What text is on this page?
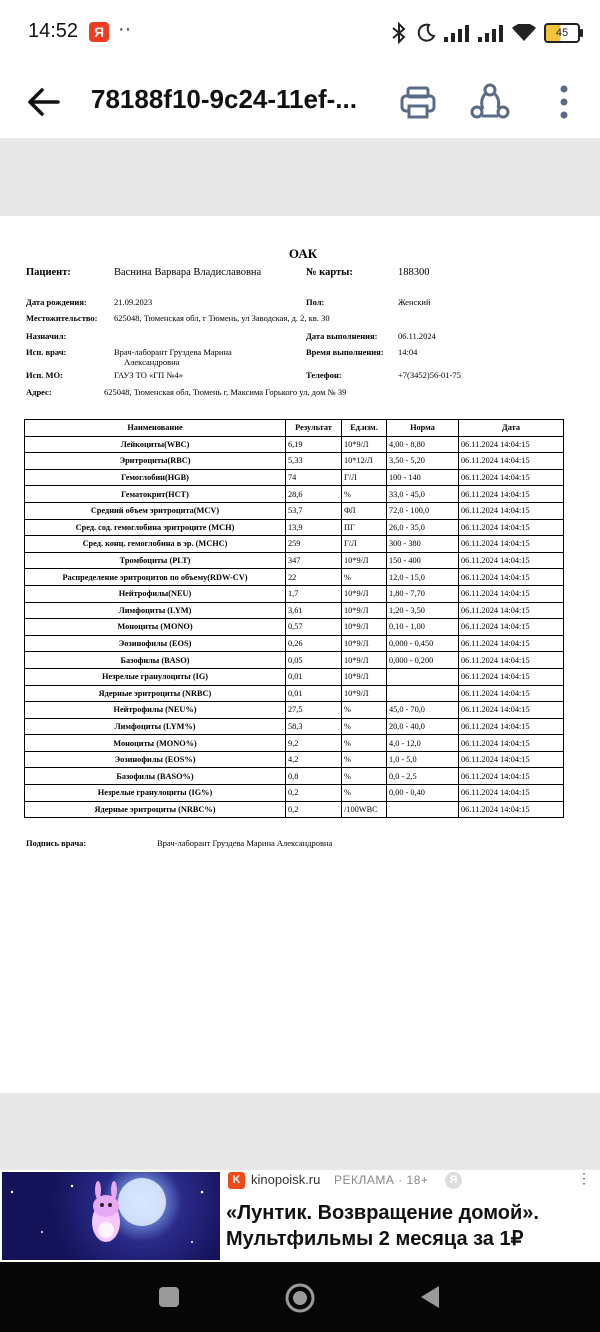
14:52	Я ··	45
78188f10-9c24-11ef-...
ОАК
Пациент:	Васнина Варвара Владиславовна	№ карты:	188300
Дата рождения:	21.09.2023	Пол:	Женский
Местожительство: 625048, Тюменская обл, г Тюмень, ул Заводская, д. 2, кв. 30
Назначил:	Дата выполнения: 06.11.2024
Исп. врач:	Врач-лаборант Груздева Марина
Александровна
Время выполнения: 14:04
Исп. МО:	ГАУЗ ТО «ГП №4»	Телефон:	+7(3452)56-01-75
Адрес:	625048, Тюменская обл, Тюмень г, Максима Горького ул, дом № 39
Наименование	Результат	Ед.изм.	Норма	Дата
Лейкоциты(WBC)	6,19	10*9/Л	4,00 - 8,80	06.11.2024 14:04:15
Эритроциты(RBC)	5,33	10*12/Л	3,50 - 5,20	06.11.2024 14:04:15
Гемоглобин(HGB)	74	Г/Л	100 - 140	06.11.2024 14:04:15
Гематокрит(HCT)	28,6	%	33,0 - 45,0	06.11.2024 14:04:15
Средний объем эритроцита(MCV)	53,7	ФЛ	72,0 - 100,0	06.11.2024 14:04:15
Сред. сод. гемоглобина эритроците (MCH)	13,9	ПГ	26,0 - 35,0	06.11.2024 14:04:15
Сред. конц. гемоглобина в эр. (MCHC)	259	Г/Л	300 - 380	06.11.2024 14:04:15
Тромбоциты (PLT)	347	10*9/Л	150 - 400	06.11.2024 14:04:15
Распределение эритроцитов по объему(RDW-CV)	22	%	12,0 - 15,0	06.11.2024 14:04:15
Нейтрофилы(NEU)	1,7	10*9/Л	1,80 - 7,70	06.11.2024 14:04:15
Лимфоциты (LYM)	3,61	10*9/Л	1,20 - 3,50	06.11.2024 14:04:15
Моноциты (MONO)	0,57	10*9/Л	0,10 - 1,00	06.11.2024 14:04:15
Эозинофилы (EOS)	0,26	10*9/Л	0,000 - 0,450	06.11.2024 14:04:15
Базофилы (BASO)	0,05	10*9/Л	0,000 - 0,200	06.11.2024 14:04:15
Незрелые гранулоциты (IG)	0,01	10*9/Л		06.11.2024 14:04:15
Ядерные эритроциты (NRBC)	0,01	10*9/Л		06.11.2024 14:04:15
Нейтрофилы (NEU%)	27,5	%	45,0 - 70,0	06.11.2024 14:04:15
Лимфоциты (LYM%)	58,3	%	20,0 - 40,0	06.11.2024 14:04:15
Моноциты (MONO%)	9,2	%	4,0 - 12,0	06.11.2024 14:04:15
Эозинофилы (EOS%)	4,2	%	1,0 - 5,0	06.11.2024 14:04:15
Базофилы (BASO%)	0,8	%	0,0 - 2,5	06.11.2024 14:04:15
Незрелые гранулоциты (IG%)	0,2	%	0,00 - 0,40	06.11.2024 14:04:15
Ядерные эритроциты (NRBC%)	0,2	/100WBC		06.11.2024 14:04:15
Подпись врача:	Врач-лаборант Груздева Марина Александровна
K kinopoisk.ru РЕКЛАМА · 18+	Я	⋮
«Лунтик. Возвращение домой». Мультфильмы 2 месяца за 1₽
